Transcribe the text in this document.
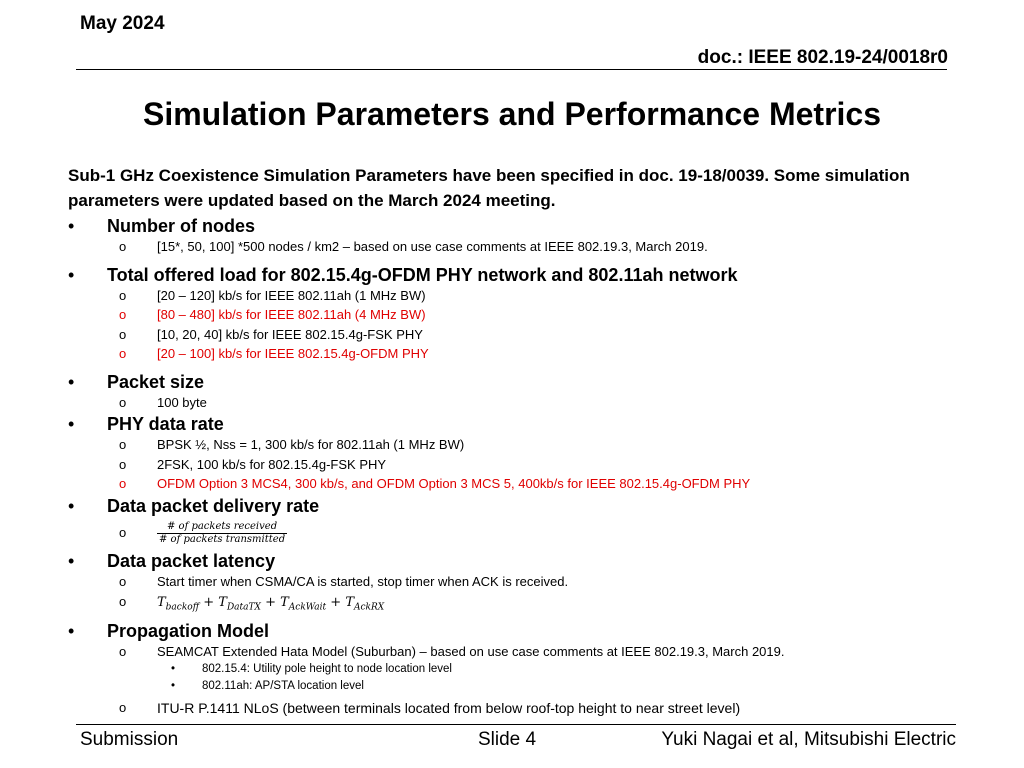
May 2024
doc.: IEEE 802.19-24/0018r0
Simulation Parameters and Performance Metrics
Sub-1 GHz Coexistence Simulation Parameters have been specified in doc. 19-18/0039. Some simulation parameters were updated based on the March 2024 meeting.
• Number of nodes
o [15*, 50, 100] *500 nodes / km2 – based on use case comments at IEEE 802.19.3, March 2019.
• Total offered load for 802.15.4g-OFDM PHY network and 802.11ah network
o [20 – 120] kb/s for IEEE 802.11ah (1 MHz BW)
o [80 – 480] kb/s for IEEE 802.11ah (4 MHz BW)
o [10, 20, 40] kb/s for IEEE 802.15.4g-FSK PHY
o [20 – 100] kb/s for IEEE 802.15.4g-OFDM PHY
• Packet size
o 100 byte
• PHY data rate
o BPSK ½, Nss = 1, 300 kb/s for 802.11ah (1 MHz BW)
o 2FSK, 100 kb/s for 802.15.4g-FSK PHY
o OFDM Option 3 MCS4, 300 kb/s, and OFDM Option 3 MCS 5, 400kb/s for IEEE 802.15.4g-OFDM PHY
• Data packet delivery rate
o	$\frac{\text{\# of packets received}}{\text{\# of packets transmitted}}$
• Data packet latency
o Start timer when CSMA/CA is started, stop timer when ACK is received.
o $T_{backoff} + T_{DataTX} + T_{AckWait} + T_{AckRX}$
• Propagation Model
o SEAMCAT Extended Hata Model (Suburban) – based on use case comments at IEEE 802.19.3, March 2019.
• 802.15.4: Utility pole height to node location level
• 802.11ah: AP/STA location level
o ITU-R P.1411 NLoS (between terminals located from below roof-top height to near street level)
Submission	Slide 4	Yuki Nagai et al, Mitsubishi Electric
